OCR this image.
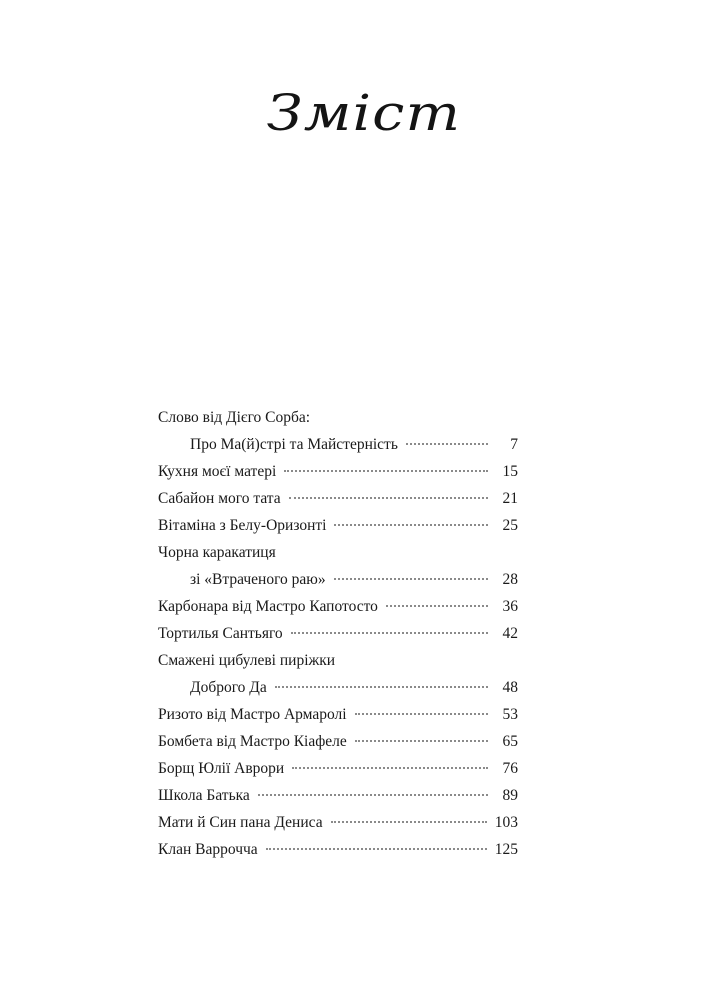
Зміст
Слово від Дієго Сорба:
Про Ма(й)стрі та Майстерність	7
Кухня моєї матері	15
Сабайон мого тата	21
Вітаміна з Белу-Оризонті	25
Чорна каракатиця
зі «Втраченого раю»	28
Карбонара від Мастро Капотосто	36
Тортилья Сантьяго	42
Смажені цибулеві пиріжки
Доброго Да	48
Ризото від Мастро Армаролі	53
Бомбета від Мастро Кіафеле	65
Борщ Юлії Аврори	76
Школа Батька	89
Мати й Син пана Дениса	103
Клан Варрочча	125
